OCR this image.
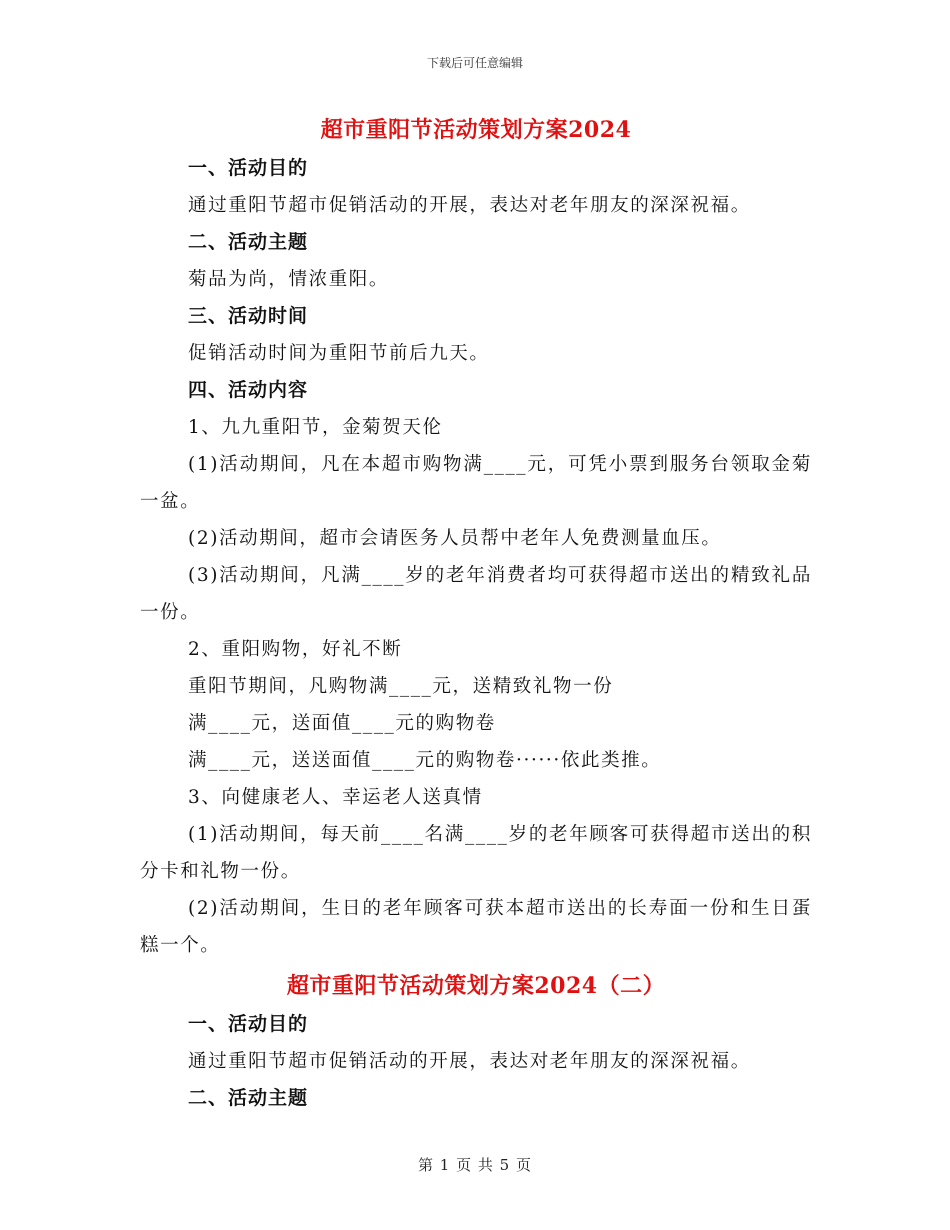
下载后可任意编辑
超市重阳节活动策划方案2024

一、活动目的

通过重阳节超市促销活动的开展，表达对老年朋友的深深祝福。

二、活动主题

菊品为尚，情浓重阳。

三、活动时间

促销活动时间为重阳节前后九天。

四、活动内容

1、九九重阳节，金菊贺天伦

(1)活动期间，凡在本超市购物满____元，可凭小票到服务台领取金菊一盆。

(2)活动期间，超市会请医务人员帮中老年人免费测量血压。

(3)活动期间，凡满____岁的老年消费者均可获得超市送出的精致礼品一份。

2、重阳购物，好礼不断

重阳节期间，凡购物满____元，送精致礼物一份

满____元，送面值____元的购物卷

满____元，送送面值____元的购物卷······依此类推。

3、向健康老人、幸运老人送真情

(1)活动期间，每天前____名满____岁的老年顾客可获得超市送出的积分卡和礼物一份。

(2)活动期间，生日的老年顾客可获本超市送出的长寿面一份和生日蛋糕一个。

超市重阳节活动策划方案2024（二）

一、活动目的

通过重阳节超市促销活动的开展，表达对老年朋友的深深祝福。

二、活动主题

第 1 页 共 5 页
